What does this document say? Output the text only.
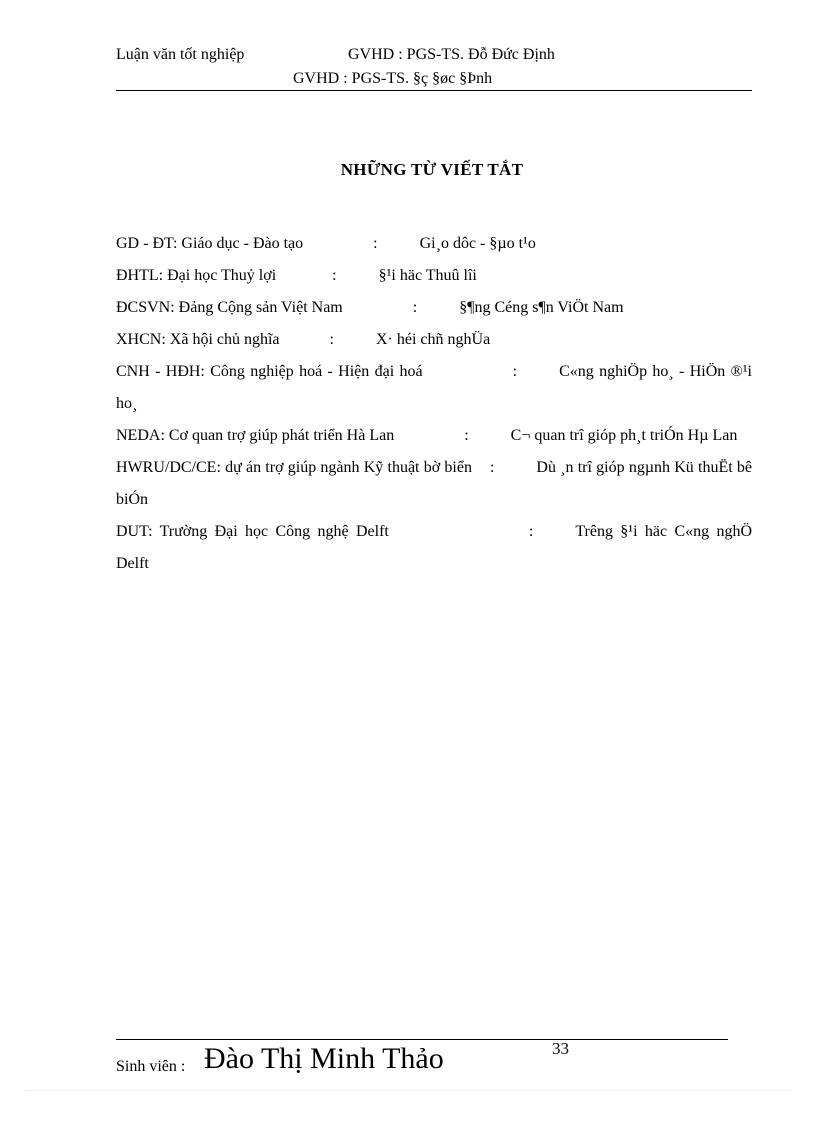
Luận văn tốt nghiệp	GVHD : PGS-TS. Đỗ Đức Định
GVHD : PGS-TS. §ç §øc §Þnh
NHỮNG TỪ VIẾT TẮT

GD - ĐT: Giáo dục - Đào tạo	:	Gi¸o dôc - §µo t¹o

ĐHTL: Đại học Thuỷ lợi	:	§¹i häc Thuû lîi

ĐCSVN: Đảng Cộng sản Việt Nam	:	§¶ng Céng s¶n ViÖt Nam

XHCN: Xã hội chủ nghĩa	:	X· héi chñ nghÜa

CNH - HĐH: Công nghiệp hoá - Hiện đại hoá	:	C«ng nghiÖp ho¸ - HiÖn ®¹i ho¸

NEDA: Cơ quan trợ giúp phát triển Hà Lan	:	C¬ quan trî gióp ph¸t triÓn Hµ Lan

HWRU/DC/CE: dự án trợ giúp ngành Kỹ thuật bờ biển :	Dù ¸n trî gióp ngµnh Kü thuËt bê biÓn

DUT: Trường Đại học Công nghệ Delft	:	Trêng §¹i häc C«ng nghÖ Delft

Sinh viên : Đào Thị Minh Thảo	33
